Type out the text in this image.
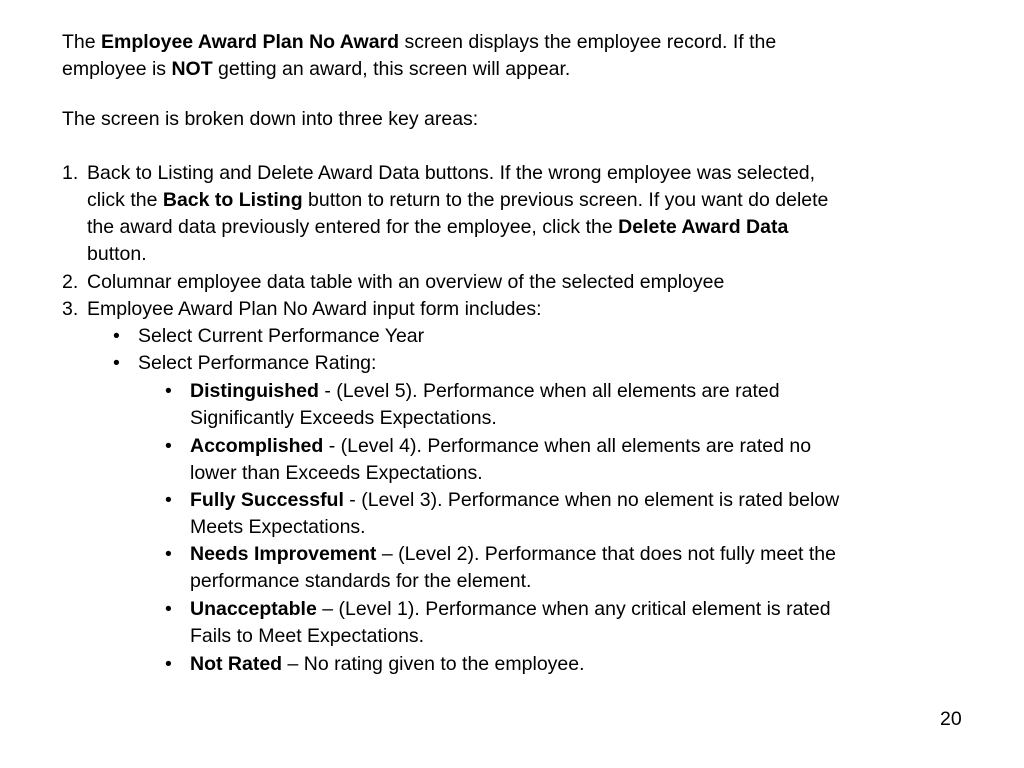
The Employee Award Plan No Award screen displays the employee record. If the

employee is NOT getting an award, this screen will appear.

The screen is broken down into three key areas:
1. Back to Listing and Delete Award Data buttons. If the wrong employee was selected,
click the Back to Listing button to return to the previous screen. If you want do delete
the award data previously entered for the employee, click the Delete Award Data
button.
2. Columnar employee data table with an overview of the selected employee
3. Employee Award Plan No Award input form includes:
• Select Current Performance Year
• Select Performance Rating:
• Distinguished - (Level 5). Performance when all elements are rated
Significantly Exceeds Expectations.
• Accomplished - (Level 4). Performance when all elements are rated no
lower than Exceeds Expectations.
• Fully Successful - (Level 3). Performance when no element is rated below
Meets Expectations.
• Needs Improvement – (Level 2). Performance that does not fully meet the
performance standards for the element.
• Unacceptable – (Level 1). Performance when any critical element is rated
Fails to Meet Expectations.
• Not Rated – No rating given to the employee.
20
